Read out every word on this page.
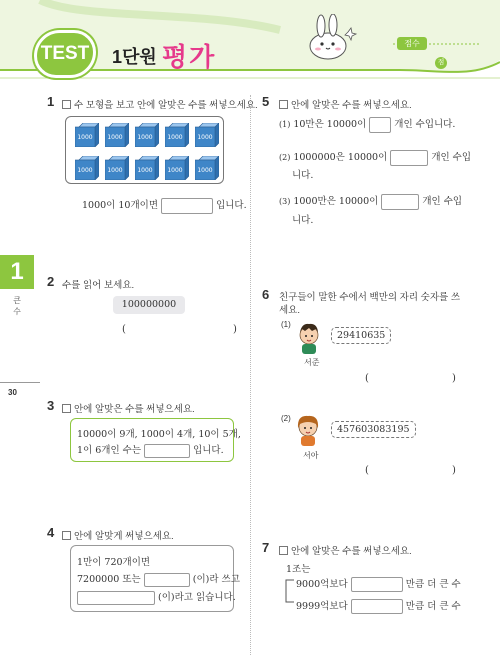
TEST	1단원 평가	점수
점
1
큰 수
30
1	수 모형을 보고 안에 알맞은 수를 써넣으세요.
1000 1000 1000 1000 1000
1000 1000 1000 1000 1000
1000이 10개이면	입니다.
2 수를 읽어 보세요.
100000000
(	)
3	안에 알맞은 수를 써넣으세요.
10000이 9개, 1000이 4개, 10이 5개,
1이 6개인 수는	입니다.
4	안에 알맞게 써넣으세요.
1만이 720개이면
7200000 또는	(이)라 쓰고
(이)라고 읽습니다.
5	안에 알맞은 수를 써넣으세요.
(1) 10만은 10000이	개인 수입니다.
(2) 1000000은 10000이	개인 수입
니다.
(3) 1000만은 10000이	개인 수입
니다.
6 친구들이 말한 수에서 백만의 자리 숫자를 쓰
세요.
(1)
서준
29410635
(	)
(2)
서아
457603083195
(	)
7	안에 알맞은 수를 써넣으세요.
1조는
9000억보다	만큼 더 큰 수
9999억보다	만큼 더 큰 수
